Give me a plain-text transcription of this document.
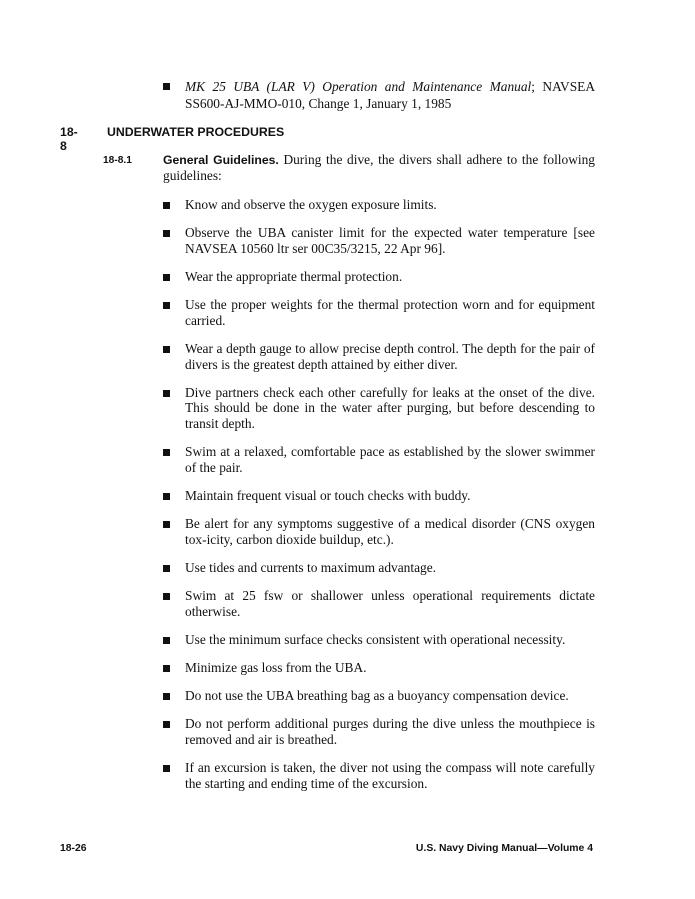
MK 25 UBA (LAR V) Operation and Maintenance Manual; NAVSEA SS600-AJ-MMO-010, Change 1, January 1, 1985
18-8
UNDERWATER PROCEDURES
18-8.1	General Guidelines. During the dive, the divers shall adhere to the following guidelines:
Know and observe the oxygen exposure limits.
Observe the UBA canister limit for the expected water temperature [see NAVSEA 10560 ltr ser 00C35/3215, 22 Apr 96].
Wear the appropriate thermal protection.
Use the proper weights for the thermal protection worn and for equipment carried.
Wear a depth gauge to allow precise depth control. The depth for the pair of divers is the greatest depth attained by either diver.
Dive partners check each other carefully for leaks at the onset of the dive. This should be done in the water after purging, but before descending to transit depth.
Swim at a relaxed, comfortable pace as established by the slower swimmer of the pair.
Maintain frequent visual or touch checks with buddy.
Be alert for any symptoms suggestive of a medical disorder (CNS oxygen tox-icity, carbon dioxide buildup, etc.).
Use tides and currents to maximum advantage.
Swim at 25 fsw or shallower unless operational requirements dictate otherwise.
Use the minimum surface checks consistent with operational necessity.
Minimize gas loss from the UBA.
Do not use the UBA breathing bag as a buoyancy compensation device.
Do not perform additional purges during the dive unless the mouthpiece is removed and air is breathed.
If an excursion is taken, the diver not using the compass will note carefully the starting and ending time of the excursion.
18-26	U.S. Navy Diving Manual—Volume 4
